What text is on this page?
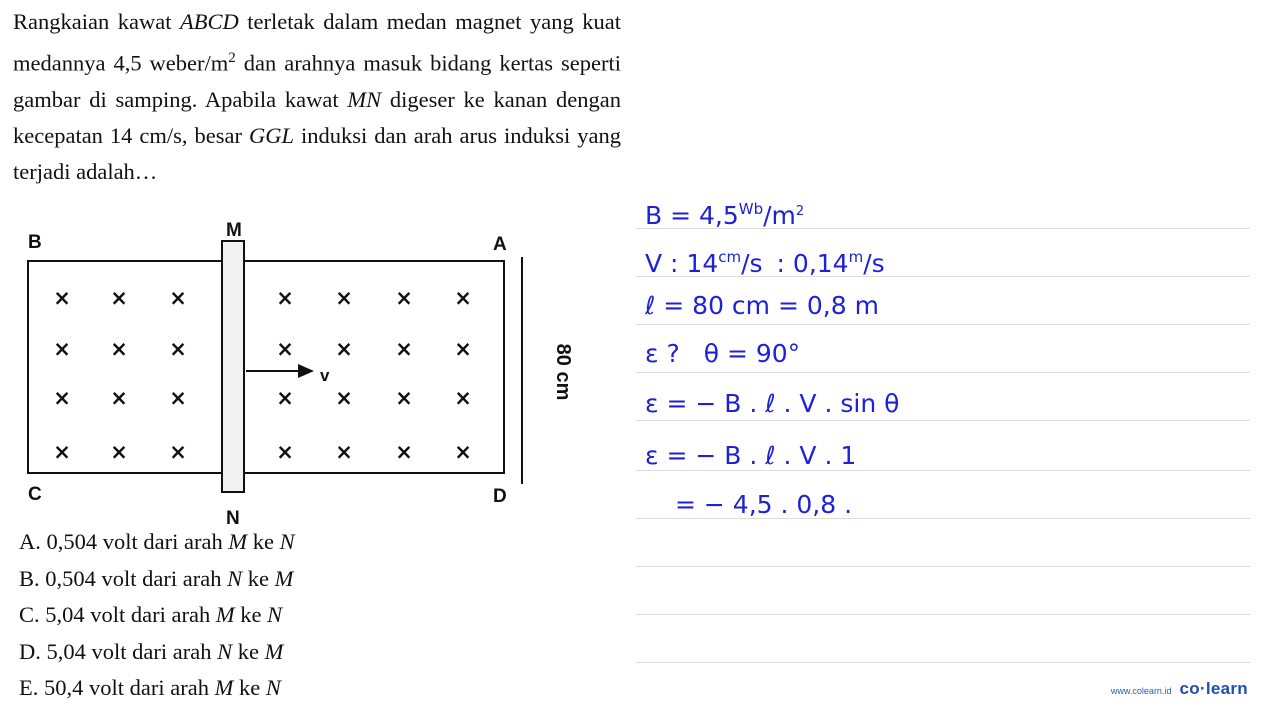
Rangkaian kawat ABCD terletak dalam medan magnet yang kuat medannya 4,5 weber/$m^2$ dan arahnya masuk bidang kertas seperti gambar di samping. Apabila kawat MN digeser ke kanan dengan kecepatan 14 cm/s, besar GGL induksi dan arah arus induksi yang terjadi adalah…
B
M
A
C
N
D
× × ×	× × × ×
× × ×	× × × ×
× × ×	× × × ×
× × ×	× × × ×
v	80 cm
A. 0,504 volt dari arah M ke N
B. 0,504 volt dari arah N ke M
C. 5,04 volt dari arah M ke N
D. 5,04 volt dari arah N ke M
E. 50,4 volt dari arah M ke N
$B = 4,5^{Wb}/m^2$
V : $14^{cm}/s$ : 0,14$^m$/s
ℓ = 80 cm = 0,8 m
ε ? θ = 90°
ε = − B . ℓ . V . sin θ
ε = − B . ℓ . V . 1
= − 4,5 . 0,8 .
www.colearn.id co·learn
